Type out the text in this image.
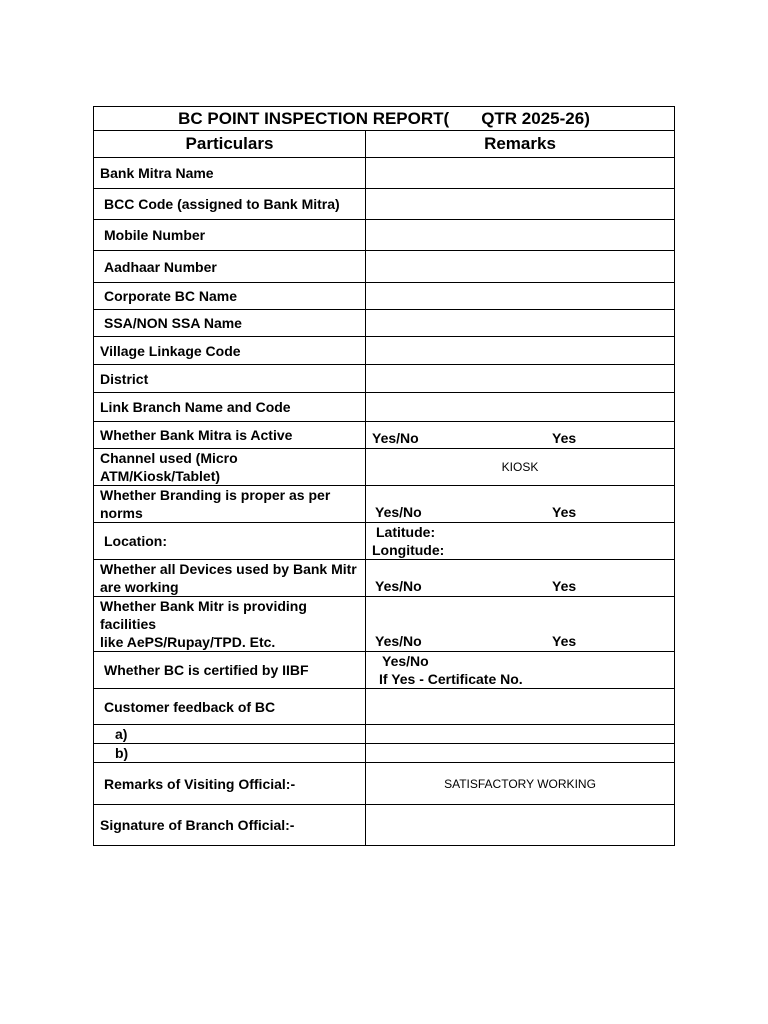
BC POINT INSPECTION REPORT( QTR 2025-26)	
Particulars	Remarks
Bank Mitra Name	
BCC Code (assigned to Bank Mitra)	
Mobile Number	
Aadhaar Number	
Corporate BC Name	
SSA/NON SSA Name	
Village Linkage Code	
District	
Link Branch Name and Code	
Whether Bank Mitra is Active	Yes/No Yes

Channel used (Micro ATM/Kiosk/Tablet)	KIOSK

Whether Branding is proper as per
norms	Yes/No Yes

Location:	Latitude:
Longitude:

Whether all Devices used by Bank Mitr
are working	Yes/No Yes

Whether Bank Mitr is providing facilities
like AePS/Rupay/TPD. Etc.	Yes/No Yes

Whether BC is certified by IIBF	Yes/No
If Yes - Certificate No.

Customer feedback of BC	
a)	
b)	
Remarks of Visiting Official:-	SATISFACTORY WORKING
Signature of Branch Official:-	
